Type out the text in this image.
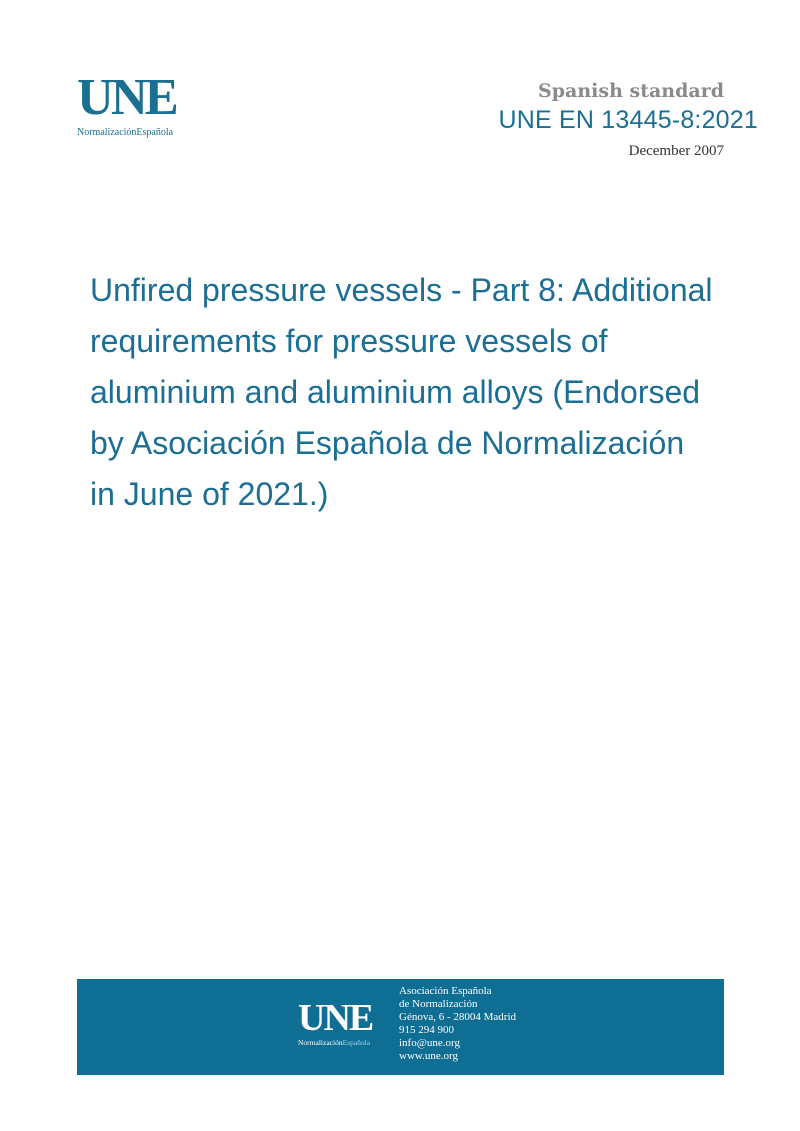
UNE
NormalizaciónEspañola
Spanish standard
UNE EN 13445-8:2021
December 2007
Unfired pressure vessels - Part 8: Additional
requirements for pressure vessels of
aluminium and aluminium alloys (Endorsed
by Asociación Española de Normalización
in June of 2021.)
UNE
NormalizaciónEspañola
Asociación Española
de Normalización
Génova, 6 - 28004 Madrid
915 294 900
info@une.org
www.une.org
